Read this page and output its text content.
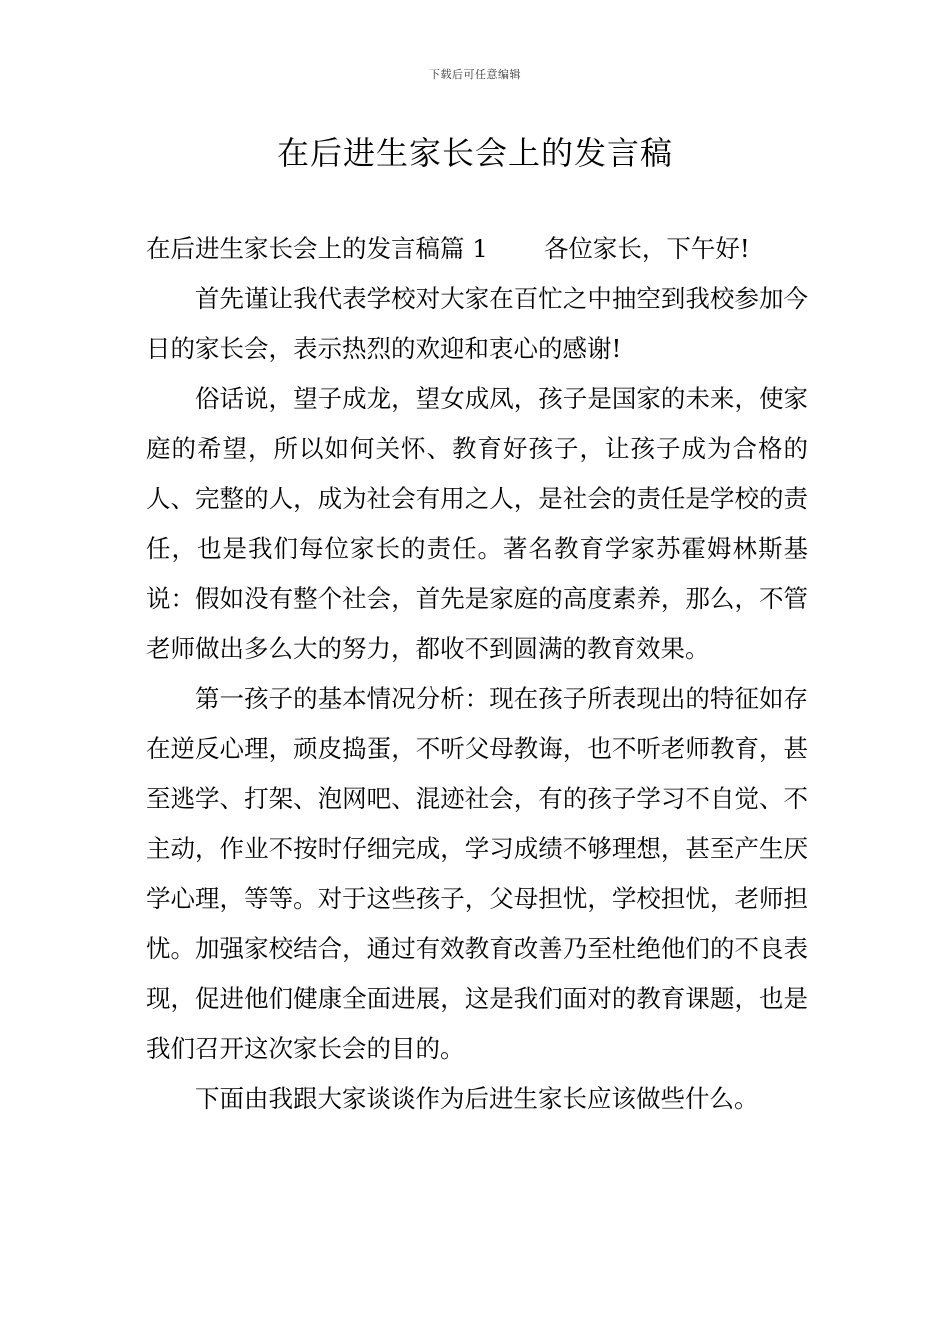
下载后可任意编辑
在后进生家长会上的发言稿

在后进生家长会上的发言稿篇 1 各位家长，下午好!

首先谨让我代表学校对大家在百忙之中抽空到我校参加今日的家长会，表示热烈的欢迎和衷心的感谢!

俗话说，望子成龙，望女成凤，孩子是国家的未来，使家庭的希望，所以如何关怀、教育好孩子，让孩子成为合格的人、完整的人，成为社会有用之人，是社会的责任是学校的责任，也是我们每位家长的责任。著名教育学家苏霍姆林斯基说：假如没有整个社会，首先是家庭的高度素养，那么，不管老师做出多么大的努力，都收不到圆满的教育效果。

第一孩子的基本情况分析：现在孩子所表现出的特征如存在逆反心理，顽皮捣蛋，不听父母教诲，也不听老师教育，甚至逃学、打架、泡网吧、混迹社会，有的孩子学习不自觉、不主动，作业不按时仔细完成，学习成绩不够理想，甚至产生厌学心理，等等。对于这些孩子，父母担忧，学校担忧，老师担忧。加强家校结合，通过有效教育改善乃至杜绝他们的不良表现，促进他们健康全面进展，这是我们面对的教育课题，也是我们召开这次家长会的目的。

下面由我跟大家谈谈作为后进生家长应该做些什么。
